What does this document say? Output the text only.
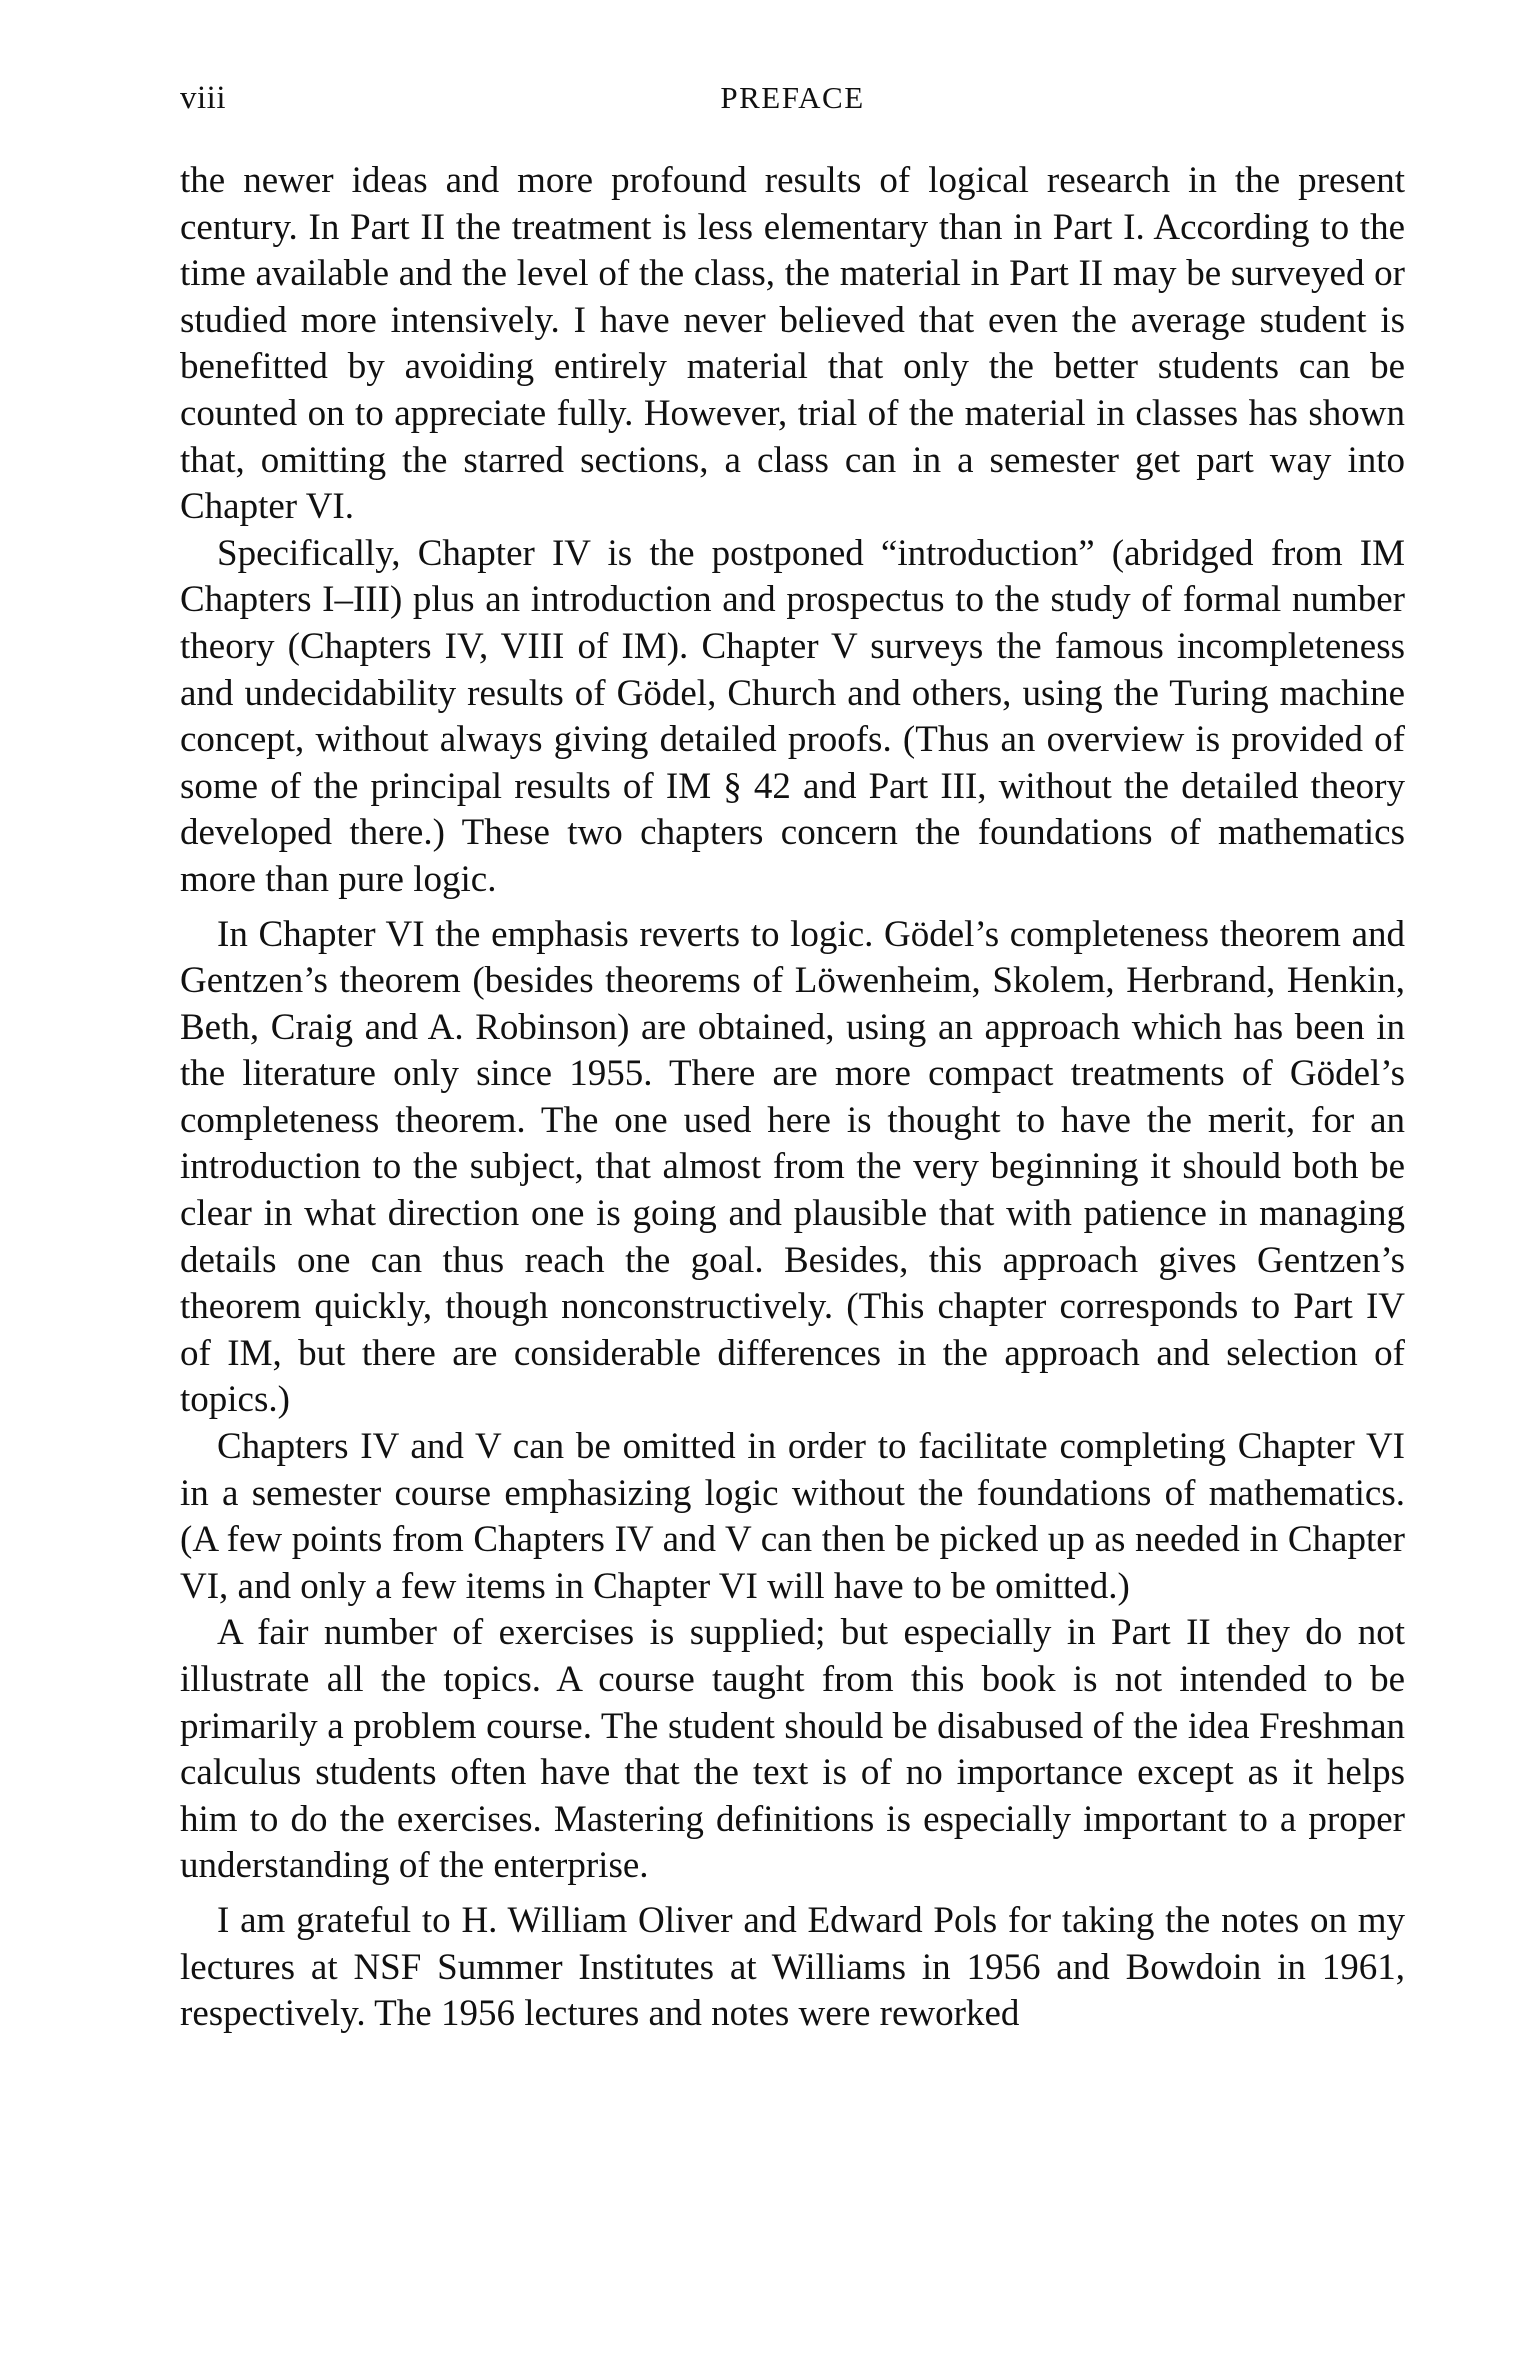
viii	PREFACE

the newer ideas and more profound results of logical research in the present century. In Part II the treatment is less elementary than in Part I. According to the time available and the level of the class, the material in Part II may be surveyed or studied more intensively. I have never believed that even the average student is benefitted by avoiding entirely material that only the better students can be counted on to appreciate fully. However, trial of the material in classes has shown that, omitting the starred sections, a class can in a semester get part way into Chapter VI.

Specifically, Chapter IV is the postponed “introduction” (abridged from IM Chapters I–III) plus an introduction and prospectus to the study of formal number theory (Chapters IV, VIII of IM). Chapter V surveys the famous incompleteness and undecidability results of Gödel, Church and others, using the Turing machine concept, without always giving detailed proofs. (Thus an overview is provided of some of the principal results of IM § 42 and Part III, without the detailed theory developed there.) These two chapters concern the foundations of mathematics more than pure logic.

In Chapter VI the emphasis reverts to logic. Gödel’s completeness theorem and Gentzen’s theorem (besides theorems of Löwenheim, Skolem, Herbrand, Henkin, Beth, Craig and A. Robinson) are obtained, using an approach which has been in the literature only since 1955. There are more compact treatments of Gödel’s completeness theorem. The one used here is thought to have the merit, for an introduction to the subject, that almost from the very beginning it should both be clear in what direction one is going and plausible that with patience in managing details one can thus reach the goal. Besides, this approach gives Gentzen’s theorem quickly, though nonconstructively. (This chapter corresponds to Part IV of IM, but there are considerable differences in the approach and selection of topics.)

Chapters IV and V can be omitted in order to facilitate completing Chapter VI in a semester course emphasizing logic without the foundations of mathematics. (A few points from Chapters IV and V can then be picked up as needed in Chapter VI, and only a few items in Chapter VI will have to be omitted.)

A fair number of exercises is supplied; but especially in Part II they do not illustrate all the topics. A course taught from this book is not intended to be primarily a problem course. The student should be disabused of the idea Freshman calculus students often have that the text is of no importance except as it helps him to do the exercises. Mastering definitions is especially important to a proper understanding of the enterprise.

I am grateful to H. William Oliver and Edward Pols for taking the notes on my lectures at NSF Summer Institutes at Williams in 1956 and Bowdoin in 1961, respectively. The 1956 lectures and notes were reworked
